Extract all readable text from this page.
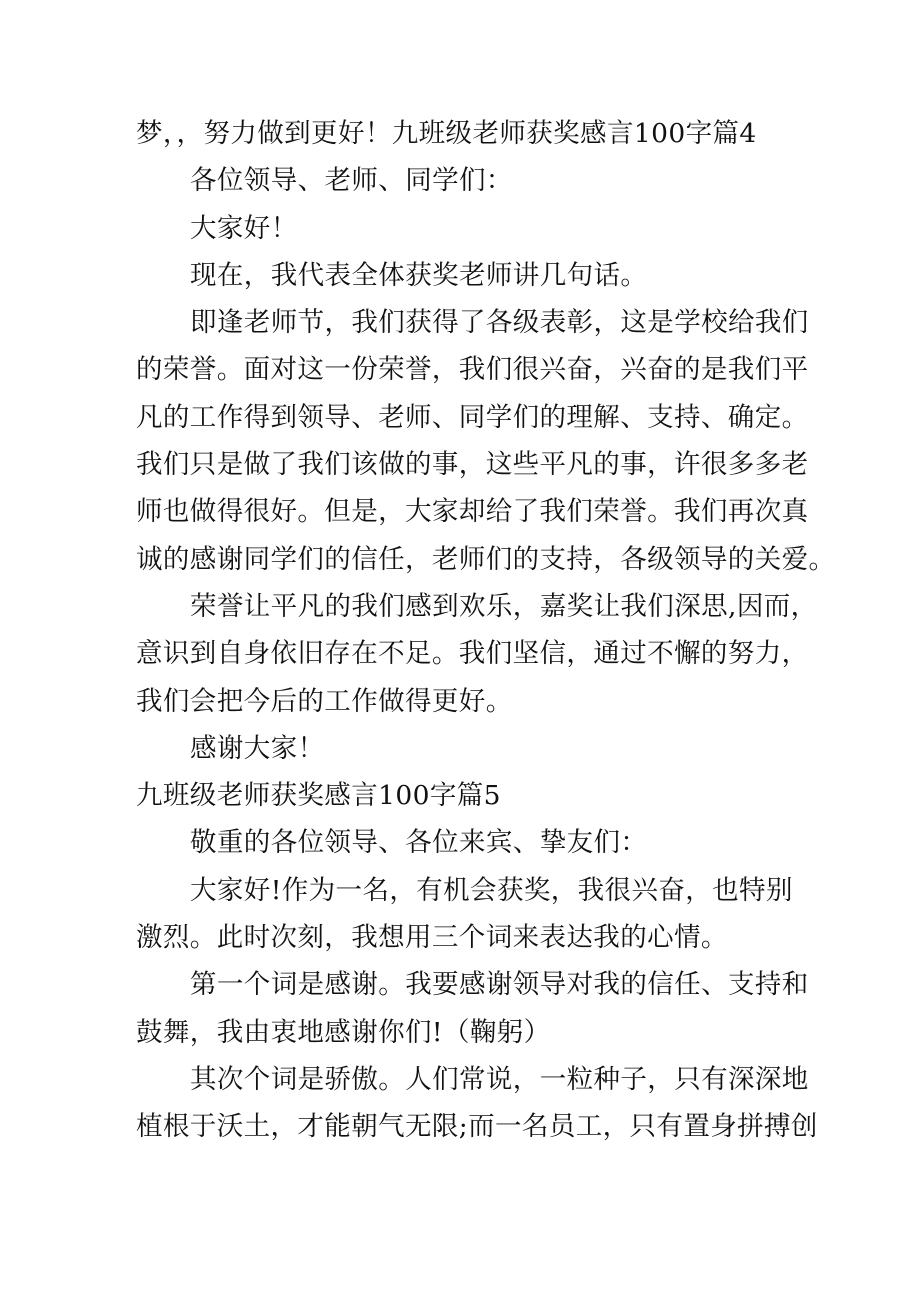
梦，，努力做到更好！九班级老师获奖感言100字篇4
各位领导、老师、同学们：
大家好！
现在，我代表全体获奖老师讲几句话。
即逢老师节，我们获得了各级表彰，这是学校给我们
的荣誉。面对这一份荣誉，我们很兴奋，兴奋的是我们平
凡的工作得到领导、老师、同学们的理解、支持、确定。
我们只是做了我们该做的事，这些平凡的事，许很多多老
师也做得很好。但是，大家却给了我们荣誉。我们再次真
诚的感谢同学们的信任，老师们的支持，各级领导的关爱。
荣誉让平凡的我们感到欢乐，嘉奖让我们深思,因而，
意识到自身依旧存在不足。我们坚信，通过不懈的努力，
我们会把今后的工作做得更好。
感谢大家！
九班级老师获奖感言100字篇5
敬重的各位领导、各位来宾、挚友们：
大家好!作为一名，有机会获奖，我很兴奋，也特别
激烈。此时次刻，我想用三个词来表达我的心情。
第一个词是感谢。我要感谢领导对我的信任、支持和
鼓舞，我由衷地感谢你们!（鞠躬）
其次个词是骄傲。人们常说，一粒种子，只有深深地
植根于沃土，才能朝气无限;而一名员工，只有置身拼搏创
